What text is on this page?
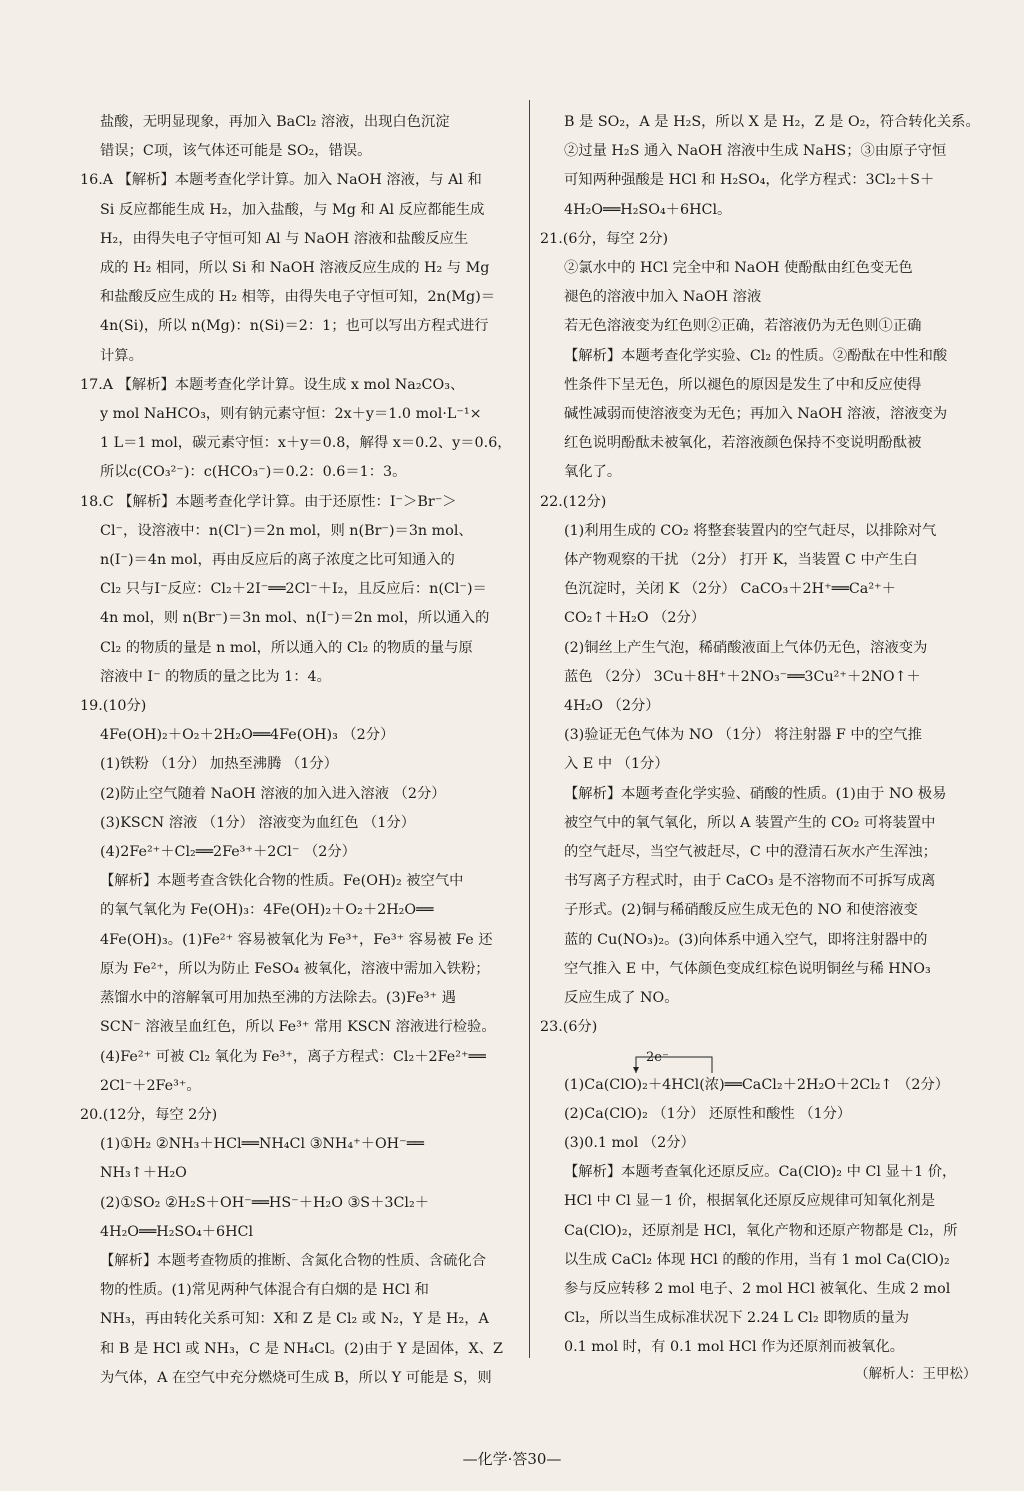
盐酸，无明显现象，再加入 BaCl₂ 溶液，出现白色沉淀
错误；C项，该气体还可能是 SO₂，错误。
16.A 【解析】本题考查化学计算。加入 NaOH 溶液，与 Al 和
Si 反应都能生成 H₂，加入盐酸，与 Mg 和 Al 反应都能生成
H₂，由得失电子守恒可知 Al 与 NaOH 溶液和盐酸反应生
成的 H₂ 相同，所以 Si 和 NaOH 溶液反应生成的 H₂ 与 Mg
和盐酸反应生成的 H₂ 相等，由得失电子守恒可知，2n(Mg)＝
4n(Si)，所以 n(Mg)：n(Si)＝2：1；也可以写出方程式进行
计算。
17.A 【解析】本题考查化学计算。设生成 x mol Na₂CO₃、
y mol NaHCO₃，则有钠元素守恒：2x＋y＝1.0 mol·L⁻¹×
1 L＝1 mol，碳元素守恒：x＋y＝0.8，解得 x＝0.2、y＝0.6，
所以c(CO₃²⁻)：c(HCO₃⁻)＝0.2：0.6＝1：3。
18.C 【解析】本题考查化学计算。由于还原性：I⁻＞Br⁻＞
Cl⁻，设溶液中：n(Cl⁻)＝2n mol，则 n(Br⁻)＝3n mol、
n(I⁻)＝4n mol，再由反应后的离子浓度之比可知通入的
Cl₂ 只与I⁻反应：Cl₂＋2I⁻══2Cl⁻＋I₂，且反应后：n(Cl⁻)＝
4n mol，则 n(Br⁻)＝3n mol、n(I⁻)＝2n mol，所以通入的
Cl₂ 的物质的量是 n mol，所以通入的 Cl₂ 的物质的量与原
溶液中 I⁻ 的物质的量之比为 1：4。
19.(10分)
4Fe(OH)₂＋O₂＋2H₂O══4Fe(OH)₃ （2分）
(1)铁粉 （1分） 加热至沸腾 （1分）
(2)防止空气随着 NaOH 溶液的加入进入溶液 （2分）
(3)KSCN 溶液 （1分） 溶液变为血红色 （1分）
(4)2Fe²⁺＋Cl₂══2Fe³⁺＋2Cl⁻ （2分）
【解析】本题考查含铁化合物的性质。Fe(OH)₂ 被空气中
的氧气氧化为 Fe(OH)₃：4Fe(OH)₂＋O₂＋2H₂O══
4Fe(OH)₃。(1)Fe²⁺ 容易被氧化为 Fe³⁺，Fe³⁺ 容易被 Fe 还
原为 Fe²⁺，所以为防止 FeSO₄ 被氧化，溶液中需加入铁粉；
蒸馏水中的溶解氧可用加热至沸的方法除去。(3)Fe³⁺ 遇
SCN⁻ 溶液呈血红色，所以 Fe³⁺ 常用 KSCN 溶液进行检验。
(4)Fe²⁺ 可被 Cl₂ 氧化为 Fe³⁺，离子方程式：Cl₂＋2Fe²⁺══
2Cl⁻＋2Fe³⁺。
20.(12分，每空 2分)
(1)①H₂ ②NH₃＋HCl══NH₄Cl ③NH₄⁺＋OH⁻══
NH₃↑＋H₂O
(2)①SO₂ ②H₂S＋OH⁻══HS⁻＋H₂O ③S＋3Cl₂＋
4H₂O══H₂SO₄＋6HCl
【解析】本题考查物质的推断、含氮化合物的性质、含硫化合
物的性质。(1)常见两种气体混合有白烟的是 HCl 和
NH₃，再由转化关系可知：X和 Z 是 Cl₂ 或 N₂，Y 是 H₂，A
和 B 是 HCl 或 NH₃，C 是 NH₄Cl。(2)由于 Y 是固体，X、Z
为气体，A 在空气中充分燃烧可生成 B，所以 Y 可能是 S，则
B 是 SO₂，A 是 H₂S，所以 X 是 H₂，Z 是 O₂，符合转化关系。
②过量 H₂S 通入 NaOH 溶液中生成 NaHS；③由原子守恒
可知两种强酸是 HCl 和 H₂SO₄，化学方程式：3Cl₂＋S＋
4H₂O══H₂SO₄＋6HCl。
21.(6分，每空 2分)
②氯水中的 HCl 完全中和 NaOH 使酚酞由红色变无色
褪色的溶液中加入 NaOH 溶液
若无色溶液变为红色则②正确，若溶液仍为无色则①正确
【解析】本题考查化学实验、Cl₂ 的性质。②酚酞在中性和酸
性条件下呈无色，所以褪色的原因是发生了中和反应使得
碱性减弱而使溶液变为无色；再加入 NaOH 溶液，溶液变为
红色说明酚酞未被氧化，若溶液颜色保持不变说明酚酞被
氧化了。
22.(12分)
(1)利用生成的 CO₂ 将整套装置内的空气赶尽，以排除对气
体产物观察的干扰 （2分） 打开 K，当装置 C 中产生白
色沉淀时，关闭 K （2分） CaCO₃＋2H⁺══Ca²⁺＋
CO₂↑＋H₂O （2分）
(2)铜丝上产生气泡，稀硝酸液面上气体仍无色，溶液变为
蓝色 （2分） 3Cu＋8H⁺＋2NO₃⁻══3Cu²⁺＋2NO↑＋
4H₂O （2分）
(3)验证无色气体为 NO （1分） 将注射器 F 中的空气推
入 E 中 （1分）
【解析】本题考查化学实验、硝酸的性质。(1)由于 NO 极易
被空气中的氧气氧化，所以 A 装置产生的 CO₂ 可将装置中
的空气赶尽，当空气被赶尽，C 中的澄清石灰水产生浑浊；
书写离子方程式时，由于 CaCO₃ 是不溶物而不可拆写成离
子形式。(2)铜与稀硝酸反应生成无色的 NO 和使溶液变
蓝的 Cu(NO₃)₂。(3)向体系中通入空气，即将注射器中的
空气推入 E 中，气体颜色变成红棕色说明铜丝与稀 HNO₃
反应生成了 NO。
23.(6分)
2e⁻
(1)Ca(ClO)₂＋4HCl(浓)══CaCl₂＋2H₂O＋2Cl₂↑ （2分）
(2)Ca(ClO)₂ （1分） 还原性和酸性 （1分）
(3)0.1 mol （2分）
【解析】本题考查氧化还原反应。Ca(ClO)₂ 中 Cl 显＋1 价，
HCl 中 Cl 显－1 价，根据氧化还原反应规律可知氧化剂是
Ca(ClO)₂，还原剂是 HCl，氧化产物和还原产物都是 Cl₂，所
以生成 CaCl₂ 体现 HCl 的酸的作用，当有 1 mol Ca(ClO)₂
参与反应转移 2 mol 电子、2 mol HCl 被氧化、生成 2 mol
Cl₂，所以当生成标准状况下 2.24 L Cl₂ 即物质的量为
0.1 mol 时，有 0.1 mol HCl 作为还原剂而被氧化。
（解析人：王甲松）
—化学·答30—
